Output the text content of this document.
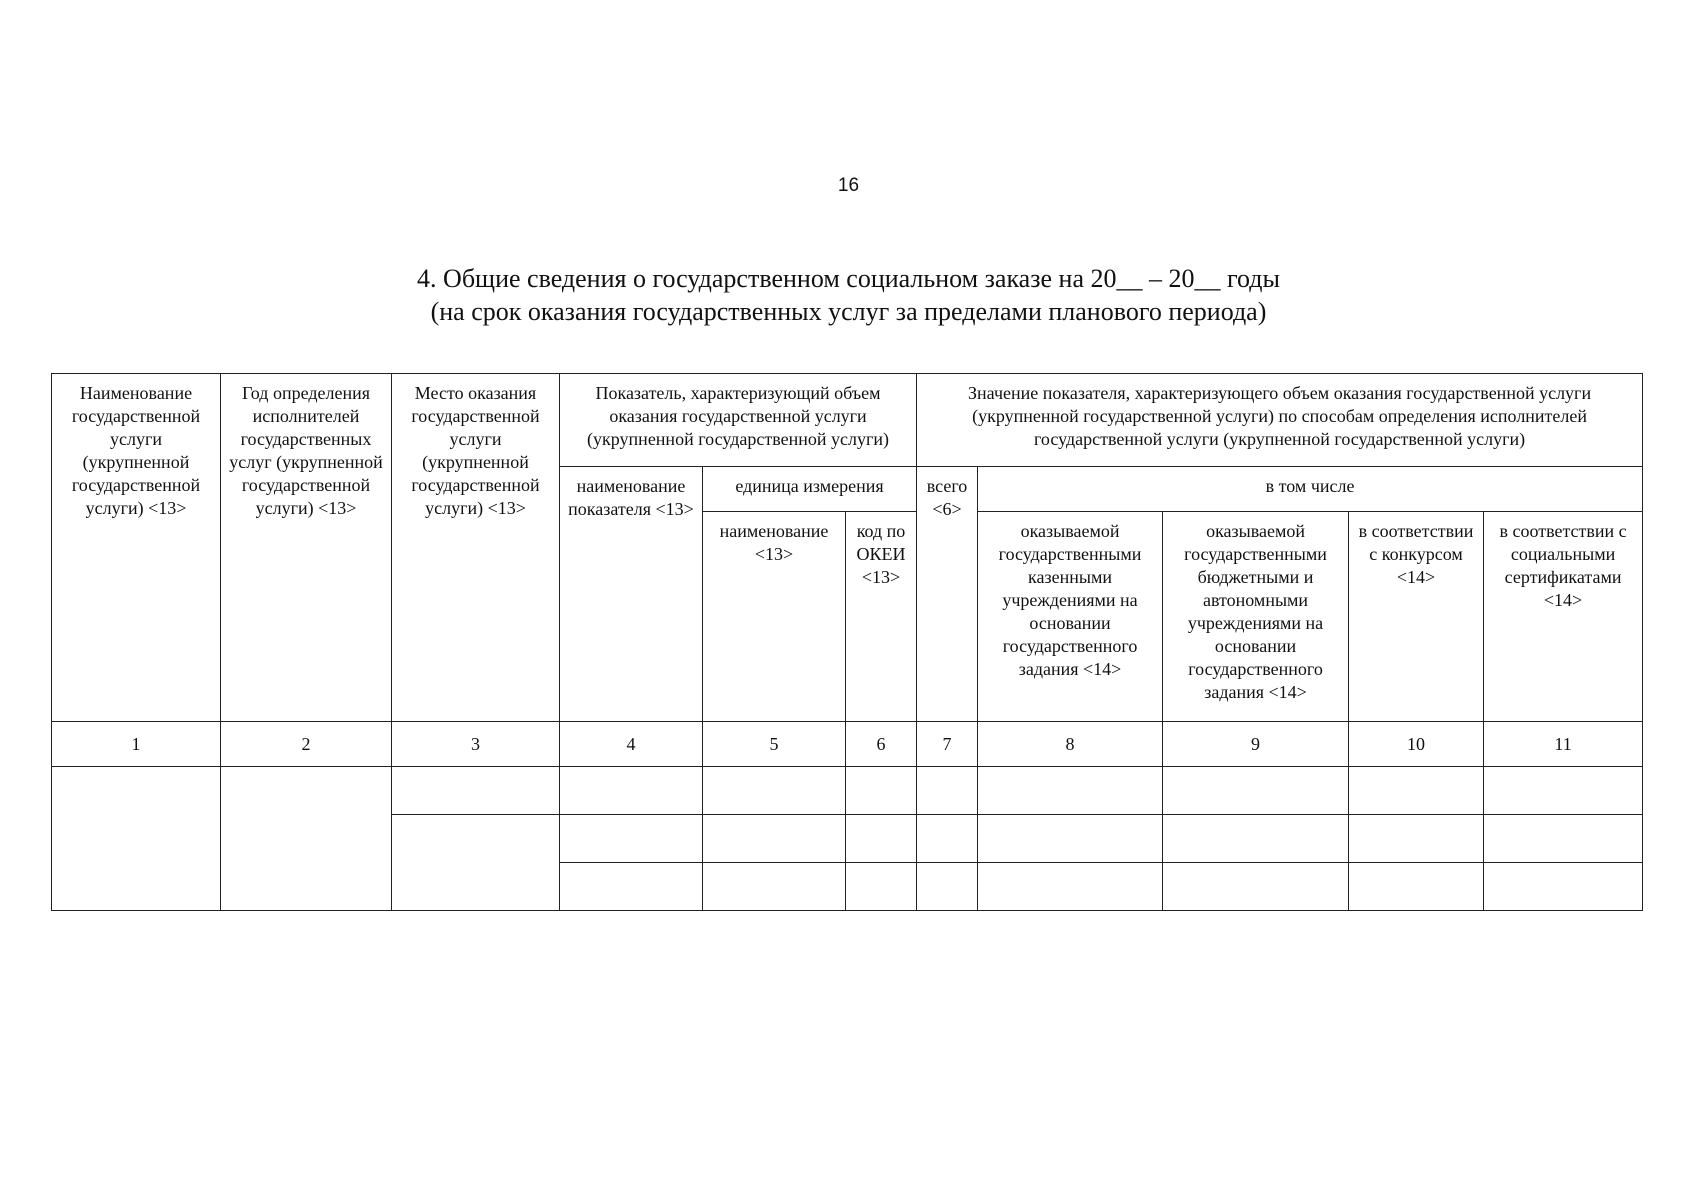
16
4. Общие сведения о государственном социальном заказе на 20__ – 20__ годы
(на срок оказания государственных услуг за пределами планового периода)
Наименование государственной услуги (укрупненной государственной услуги) <13>	Год определения исполнителей государственных услуг (укрупненной государственной услуги) <13>	Место оказания государственной услуги (укрупненной государственной услуги) <13>	Показатель, характеризующий объем оказания государственной услуги (укрупненной государственной услуги)			Значение показателя, характеризующего объем оказания государственной услуги (укрупненной государственной услуги) по способам определения исполнителей государственной услуги (укрупненной государственной услуги)				
			наименование показателя <13>	единица измерения		всего <6>	в том числе			
				наименование <13>	код по ОКЕИ <13>		оказываемой государственными казенными учреждениями на основании государственного задания <14>	оказываемой государственными бюджетными и автономными учреждениями на основании государственного задания <14>	в соответствии с конкурсом <14>	в соответствии с социальными сертификатами <14>
1	2	3	4	5	6	7	8	9	10	11
